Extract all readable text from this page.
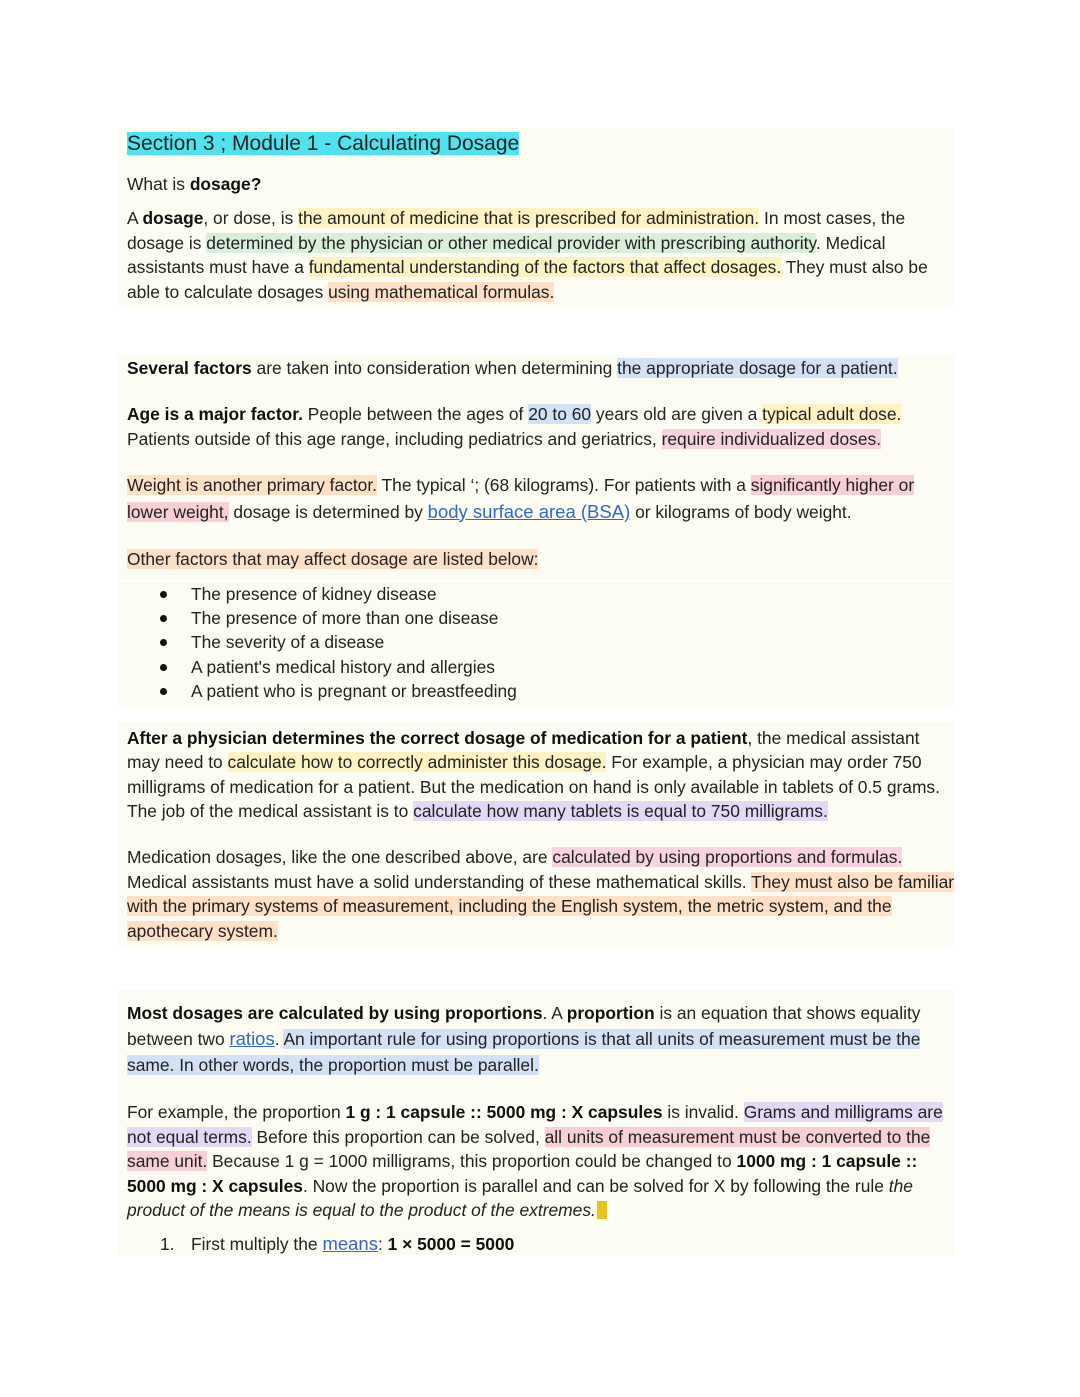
Section 3 ; Module 1 - Calculating Dosage

What is dosage?

A dosage, or dose, is the amount of medicine that is prescribed for administration. In most cases, the dosage is determined by the physician or other medical provider with prescribing authority. Medical assistants must have a fundamental understanding of the factors that affect dosages. They must also be able to calculate dosages using mathematical formulas.

Several factors are taken into consideration when determining the appropriate dosage for a patient.

Age is a major factor. People between the ages of 20 to 60 years old are given a typical adult dose. Patients outside of this age range, including pediatrics and geriatrics, require individualized doses.

Weight is another primary factor. The typical ‘; (68 kilograms). For patients with a significantly higher or lower weight, dosage is determined by body surface area (BSA) or kilograms of body weight.

Other factors that may affect dosage are listed below:

The presence of kidney disease
The presence of more than one disease
The severity of a disease
A patient's medical history and allergies
A patient who is pregnant or breastfeeding

After a physician determines the correct dosage of medication for a patient, the medical assistant may need to calculate how to correctly administer this dosage. For example, a physician may order 750 milligrams of medication for a patient. But the medication on hand is only available in tablets of 0.5 grams. The job of the medical assistant is to calculate how many tablets is equal to 750 milligrams.

Medication dosages, like the one described above, are calculated by using proportions and formulas. Medical assistants must have a solid understanding of these mathematical skills. They must also be familiar with the primary systems of measurement, including the English system, the metric system, and the apothecary system.

Most dosages are calculated by using proportions. A proportion is an equation that shows equality between two ratios. An important rule for using proportions is that all units of measurement must be the same. In other words, the proportion must be parallel.

For example, the proportion 1 g : 1 capsule :: 5000 mg : X capsules is invalid. Grams and milligrams are not equal terms. Before this proportion can be solved, all units of measurement must be converted to the same unit. Because 1 g = 1000 milligrams, this proportion could be changed to 1000 mg : 1 capsule :: 5000 mg : X capsules. Now the proportion is parallel and can be solved for X by following the rule the product of the means is equal to the product of the extremes.

1. First multiply the means: 1 × 5000 = 5000
